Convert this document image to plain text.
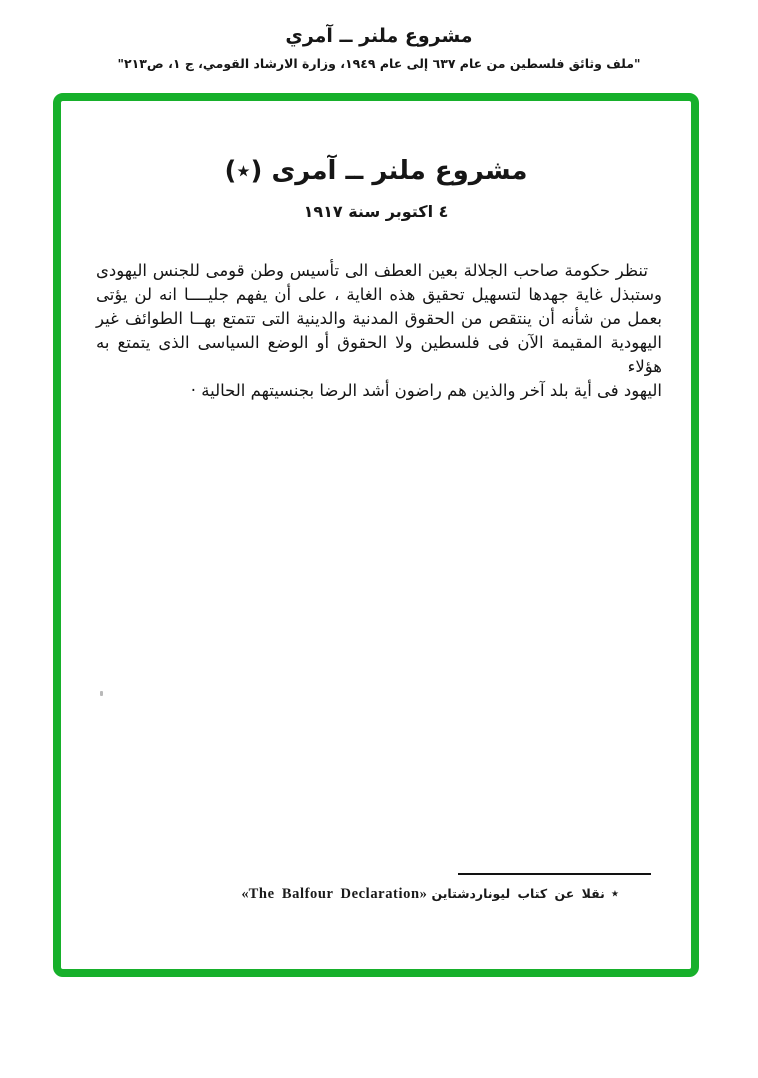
مشروع ملنر ــ آمري
"ملف وثائق فلسطين من عام ٦٣٧ إلى عام ١٩٤٩، وزارة الارشاد القومي، ج ١، ص٢١٣"
مشروع ملنر ــ آمرى (٭)
٤ اكتوبر سنة ١٩١٧
تنظر حكومة صاحب الجلالة بعين العطف الى تأسيس وطن قومى للجنس اليهودى
وستبذل غاية جهدها لتسهيل تحقيق هذه الغاية ، على أن يفهم جليــــا انه لن يؤتى
بعمل من شأنه أن ينتقص من الحقوق المدنية والدينية التى تتمتع بهــا الطوائف غير
اليهودية المقيمة الآن فى فلسطين ولا الحقوق أو الوضع السياسى الذى يتمتع به هؤلاء
اليهود فى أية بلد آخر والذين هم راضون أشد الرضا بجنسيتهم الحالية ·
٭نقلا عن كتاب ليوناردشتاين«The Balfour Declaration»
